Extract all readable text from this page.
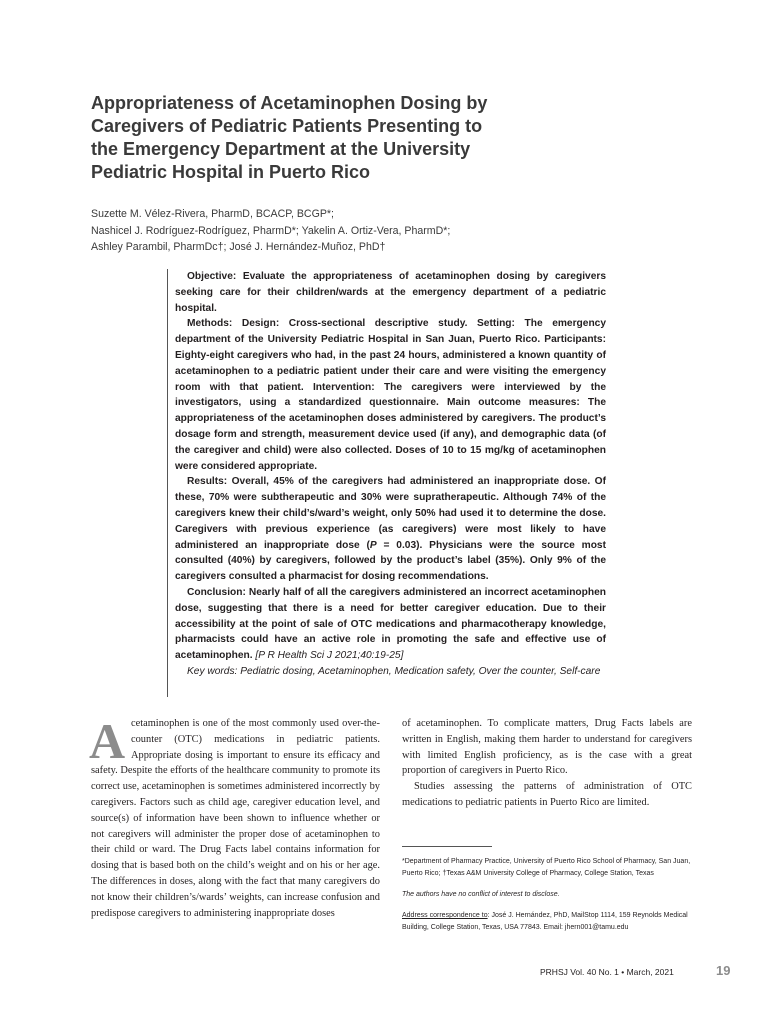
Appropriateness of Acetaminophen Dosing by Caregivers of Pediatric Patients Presenting to the Emergency Department at the University Pediatric Hospital in Puerto Rico
Suzette M. Vélez-Rivera, PharmD, BCACP, BCGP*;
Nashicel J. Rodríguez-Rodríguez, PharmD*; Yakelin A. Ortiz-Vera, PharmD*;
Ashley Parambil, PharmDc†; José J. Hernández-Muñoz, PhD†

Objective: Evaluate the appropriateness of acetaminophen dosing by caregivers seeking care for their children/wards at the emergency department of a pediatric hospital.

Methods: Design: Cross-sectional descriptive study. Setting: The emergency department of the University Pediatric Hospital in San Juan, Puerto Rico. Participants: Eighty-eight caregivers who had, in the past 24 hours, administered a known quantity of acetaminophen to a pediatric patient under their care and were visiting the emergency room with that patient. Intervention: The caregivers were interviewed by the investigators, using a standardized questionnaire. Main outcome measures: The appropriateness of the acetaminophen doses administered by caregivers. The product’s dosage form and strength, measurement device used (if any), and demographic data (of the caregiver and child) were also collected. Doses of 10 to 15 mg/kg of acetaminophen were considered appropriate.

Results: Overall, 45% of the caregivers had administered an inappropriate dose. Of these, 70% were subtherapeutic and 30% were supratherapeutic. Although 74% of the caregivers knew their child’s/ward’s weight, only 50% had used it to determine the dose. Caregivers with previous experience (as caregivers) were most likely to have administered an inappropriate dose (P = 0.03). Physicians were the source most consulted (40%) by caregivers, followed by the product’s label (35%). Only 9% of the caregivers consulted a pharmacist for dosing recommendations.

Conclusion: Nearly half of all the caregivers administered an incorrect acetaminophen dose, suggesting that there is a need for better caregiver education. Due to their accessibility at the point of sale of OTC medications and pharmacotherapy knowledge, pharmacists could have an active role in promoting the safe and effective use of acetaminophen. [P R Health Sci J 2021;40:19-25]

Key words: Pediatric dosing, Acetaminophen, Medication safety, Over the counter, Self-care

cetaminophen is one of the most commonly used over-the-counter (OTC) medications in pediatric patients. Appropriate dosing is important to ensure its efficacy and safety. Despite the efforts of the healthcare community to promote its correct use, acetaminophen is sometimes administered incorrectly by caregivers. Factors such as child age, caregiver education level, and source(s) of information have been shown to influence whether or not caregivers will administer the proper dose of acetaminophen to their child or ward. The Drug Facts label contains information for dosing that is based both on the child’s weight and on his or her age. The differences in doses, along with the fact that many caregivers do not know their children’s/wards’ weights, can increase confusion and predispose caregivers to administering inappropriate doses

A	of acetaminophen. To complicate matters, Drug Facts labels are written in English, making them harder to understand for caregivers with limited English proficiency, as is the case with a great proportion of caregivers in Puerto Rico.

Studies assessing the patterns of administration of OTC medications to pediatric patients in Puerto Rico are limited.

*Department of Pharmacy Practice, University of Puerto Rico School of Pharmacy, San Juan, Puerto Rico; †Texas A&M University College of Pharmacy, College Station, Texas
The authors have no conflict of interest to disclose.
Address correspondence to: José J. Hernández, PhD, MailStop 1114, 159 Reynolds Medical Building, College Station, Texas, USA 77843. Email: jhern001@tamu.edu
PRHSJ Vol. 40 No. 1 • March, 2021	19
